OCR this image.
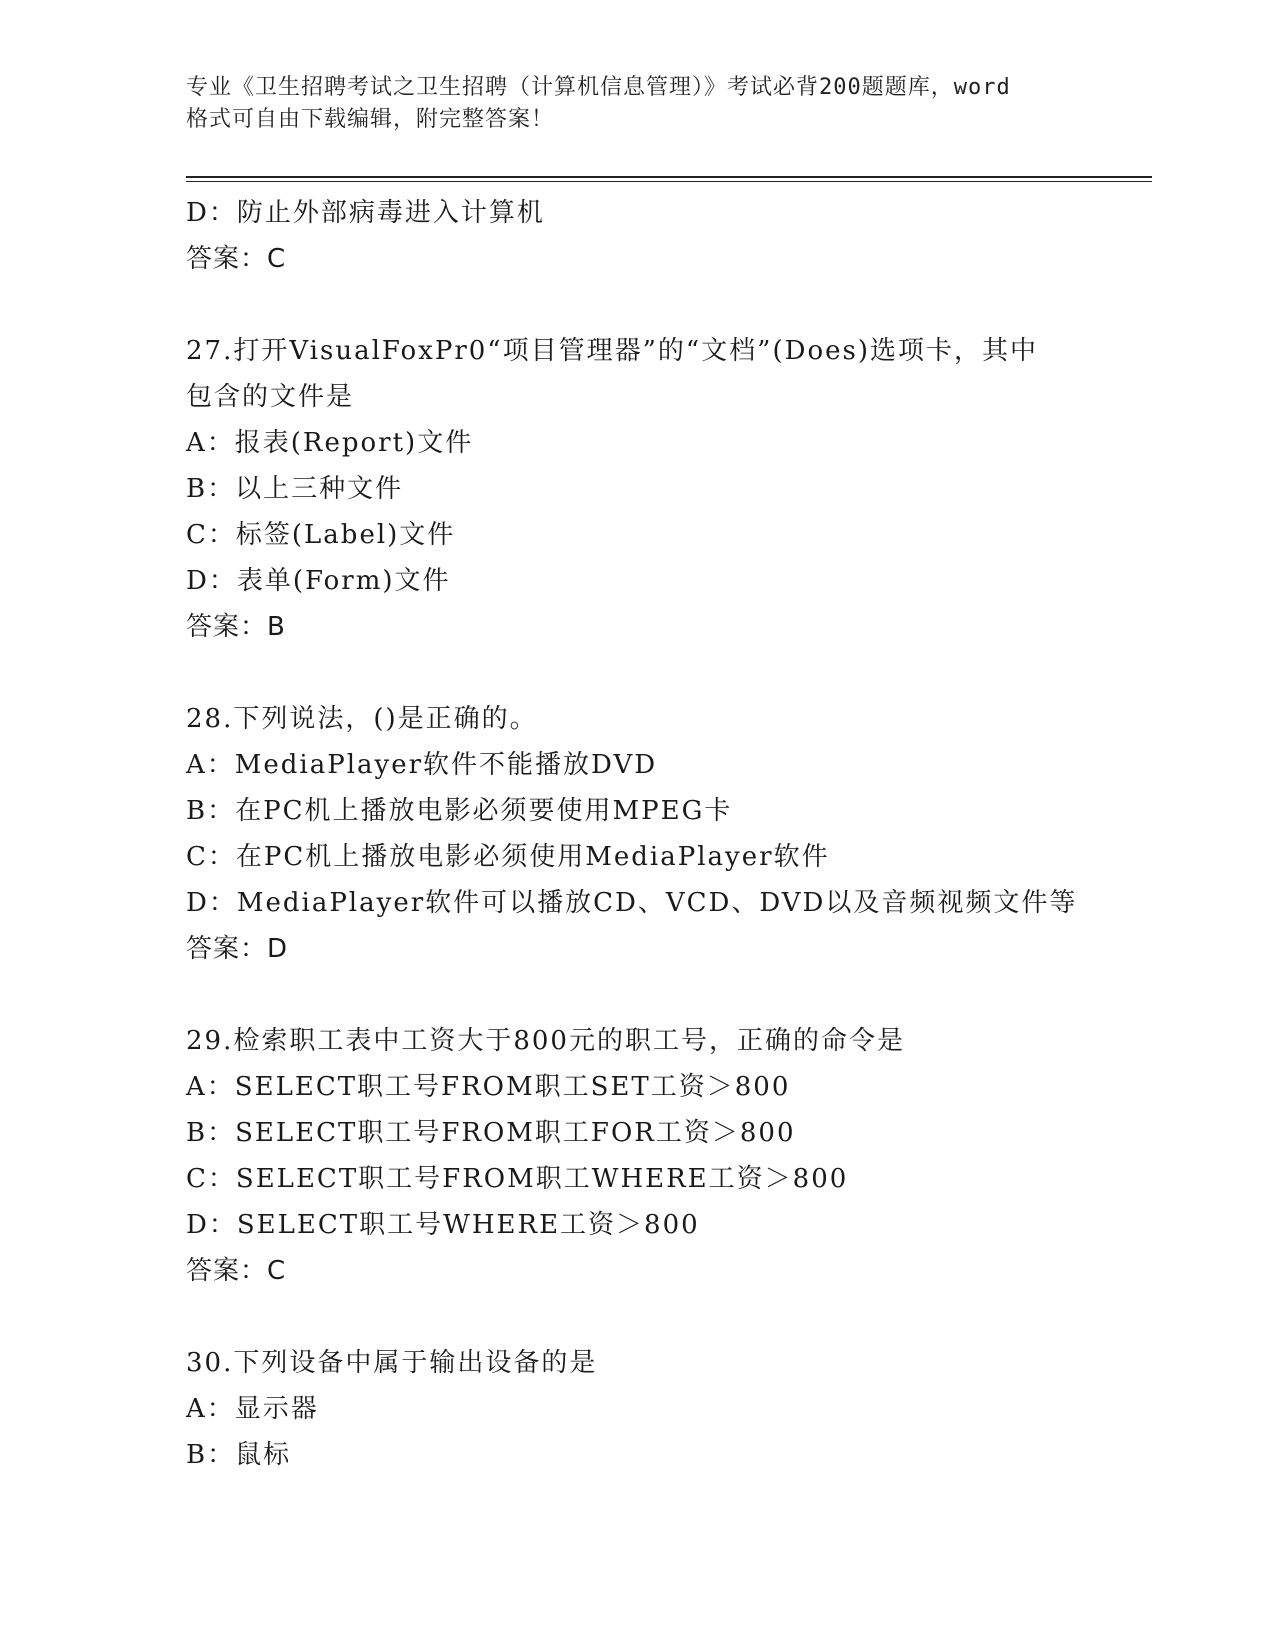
专业《卫生招聘考试之卫生招聘（计算机信息管理）》考试必背200题题库，word
格式可自由下载编辑，附完整答案！
D：防止外部病毒进入计算机
答案：C
27.打开VisualFoxPr0“项目管理器”的“文档”(Does)选项卡，其中
包含的文件是
A：报表(Report)文件
B：以上三种文件
C：标签(Label)文件
D：表单(Form)文件
答案：B
28.下列说法，()是正确的。
A：MediaPlayer软件不能播放DVD
B：在PC机上播放电影必须要使用MPEG卡
C：在PC机上播放电影必须使用MediaPlayer软件
D：MediaPlayer软件可以播放CD、VCD、DVD以及音频视频文件等
答案：D
29.检索职工表中工资大于800元的职工号，正确的命令是
A：SELECT职工号FROM职工SET工资＞800
B：SELECT职工号FROM职工FOR工资＞800
C：SELECT职工号FROM职工WHERE工资＞800
D：SELECT职工号WHERE工资＞800
答案：C
30.下列设备中属于输出设备的是
A：显示器
B：鼠标
